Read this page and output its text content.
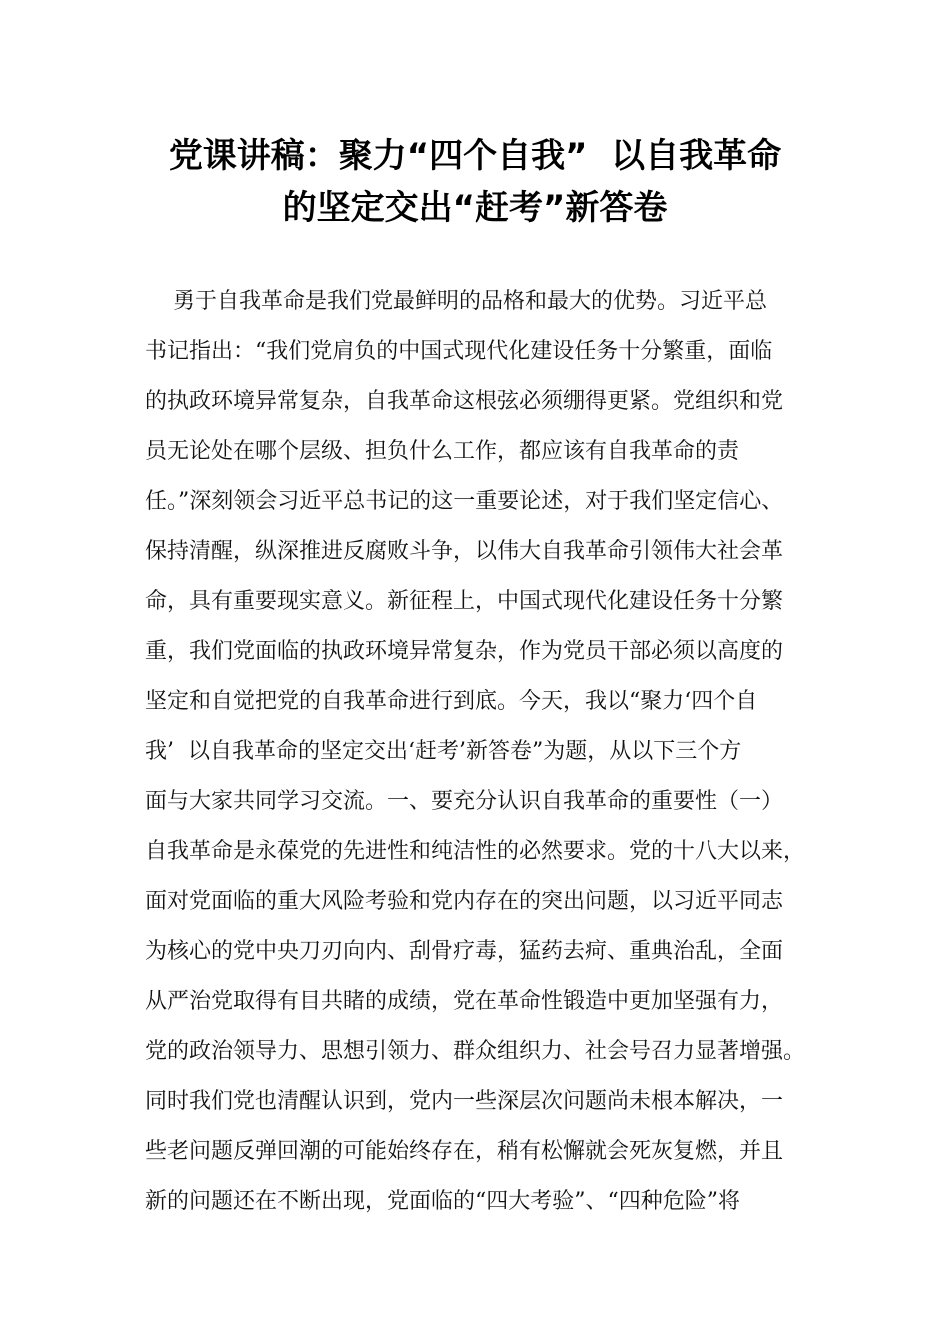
党课讲稿：聚力“四个自我”  以自我革命
的坚定交出“赶考”新答卷
勇于自我革命是我们党最鲜明的品格和最大的优势。习近平总
书记指出：“我们党肩负的中国式现代化建设任务十分繁重，面临
的执政环境异常复杂，自我革命这根弦必须绷得更紧。党组织和党
员无论处在哪个层级、担负什么工作，都应该有自我革命的责
任。”深刻领会习近平总书记的这一重要论述，对于我们坚定信心、
保持清醒，纵深推进反腐败斗争，以伟大自我革命引领伟大社会革
命，具有重要现实意义。新征程上，中国式现代化建设任务十分繁
重，我们党面临的执政环境异常复杂，作为党员干部必须以高度的
坚定和自觉把党的自我革命进行到底。今天，我以“聚力‘四个自
我’  以自我革命的坚定交出‘赶考’新答卷”为题，从以下三个方
面与大家共同学习交流。一、要充分认识自我革命的重要性（一）
自我革命是永葆党的先进性和纯洁性的必然要求。党的十八大以来，
面对党面临的重大风险考验和党内存在的突出问题，以习近平同志
为核心的党中央刀刃向内、刮骨疗毒，猛药去疴、重典治乱，全面
从严治党取得有目共睹的成绩，党在革命性锻造中更加坚强有力，
党的政治领导力、思想引领力、群众组织力、社会号召力显著增强。
同时我们党也清醒认识到，党内一些深层次问题尚未根本解决，一
些老问题反弹回潮的可能始终存在，稍有松懈就会死灰复燃，并且
新的问题还在不断出现，党面临的“四大考验”、“四种危险”将
